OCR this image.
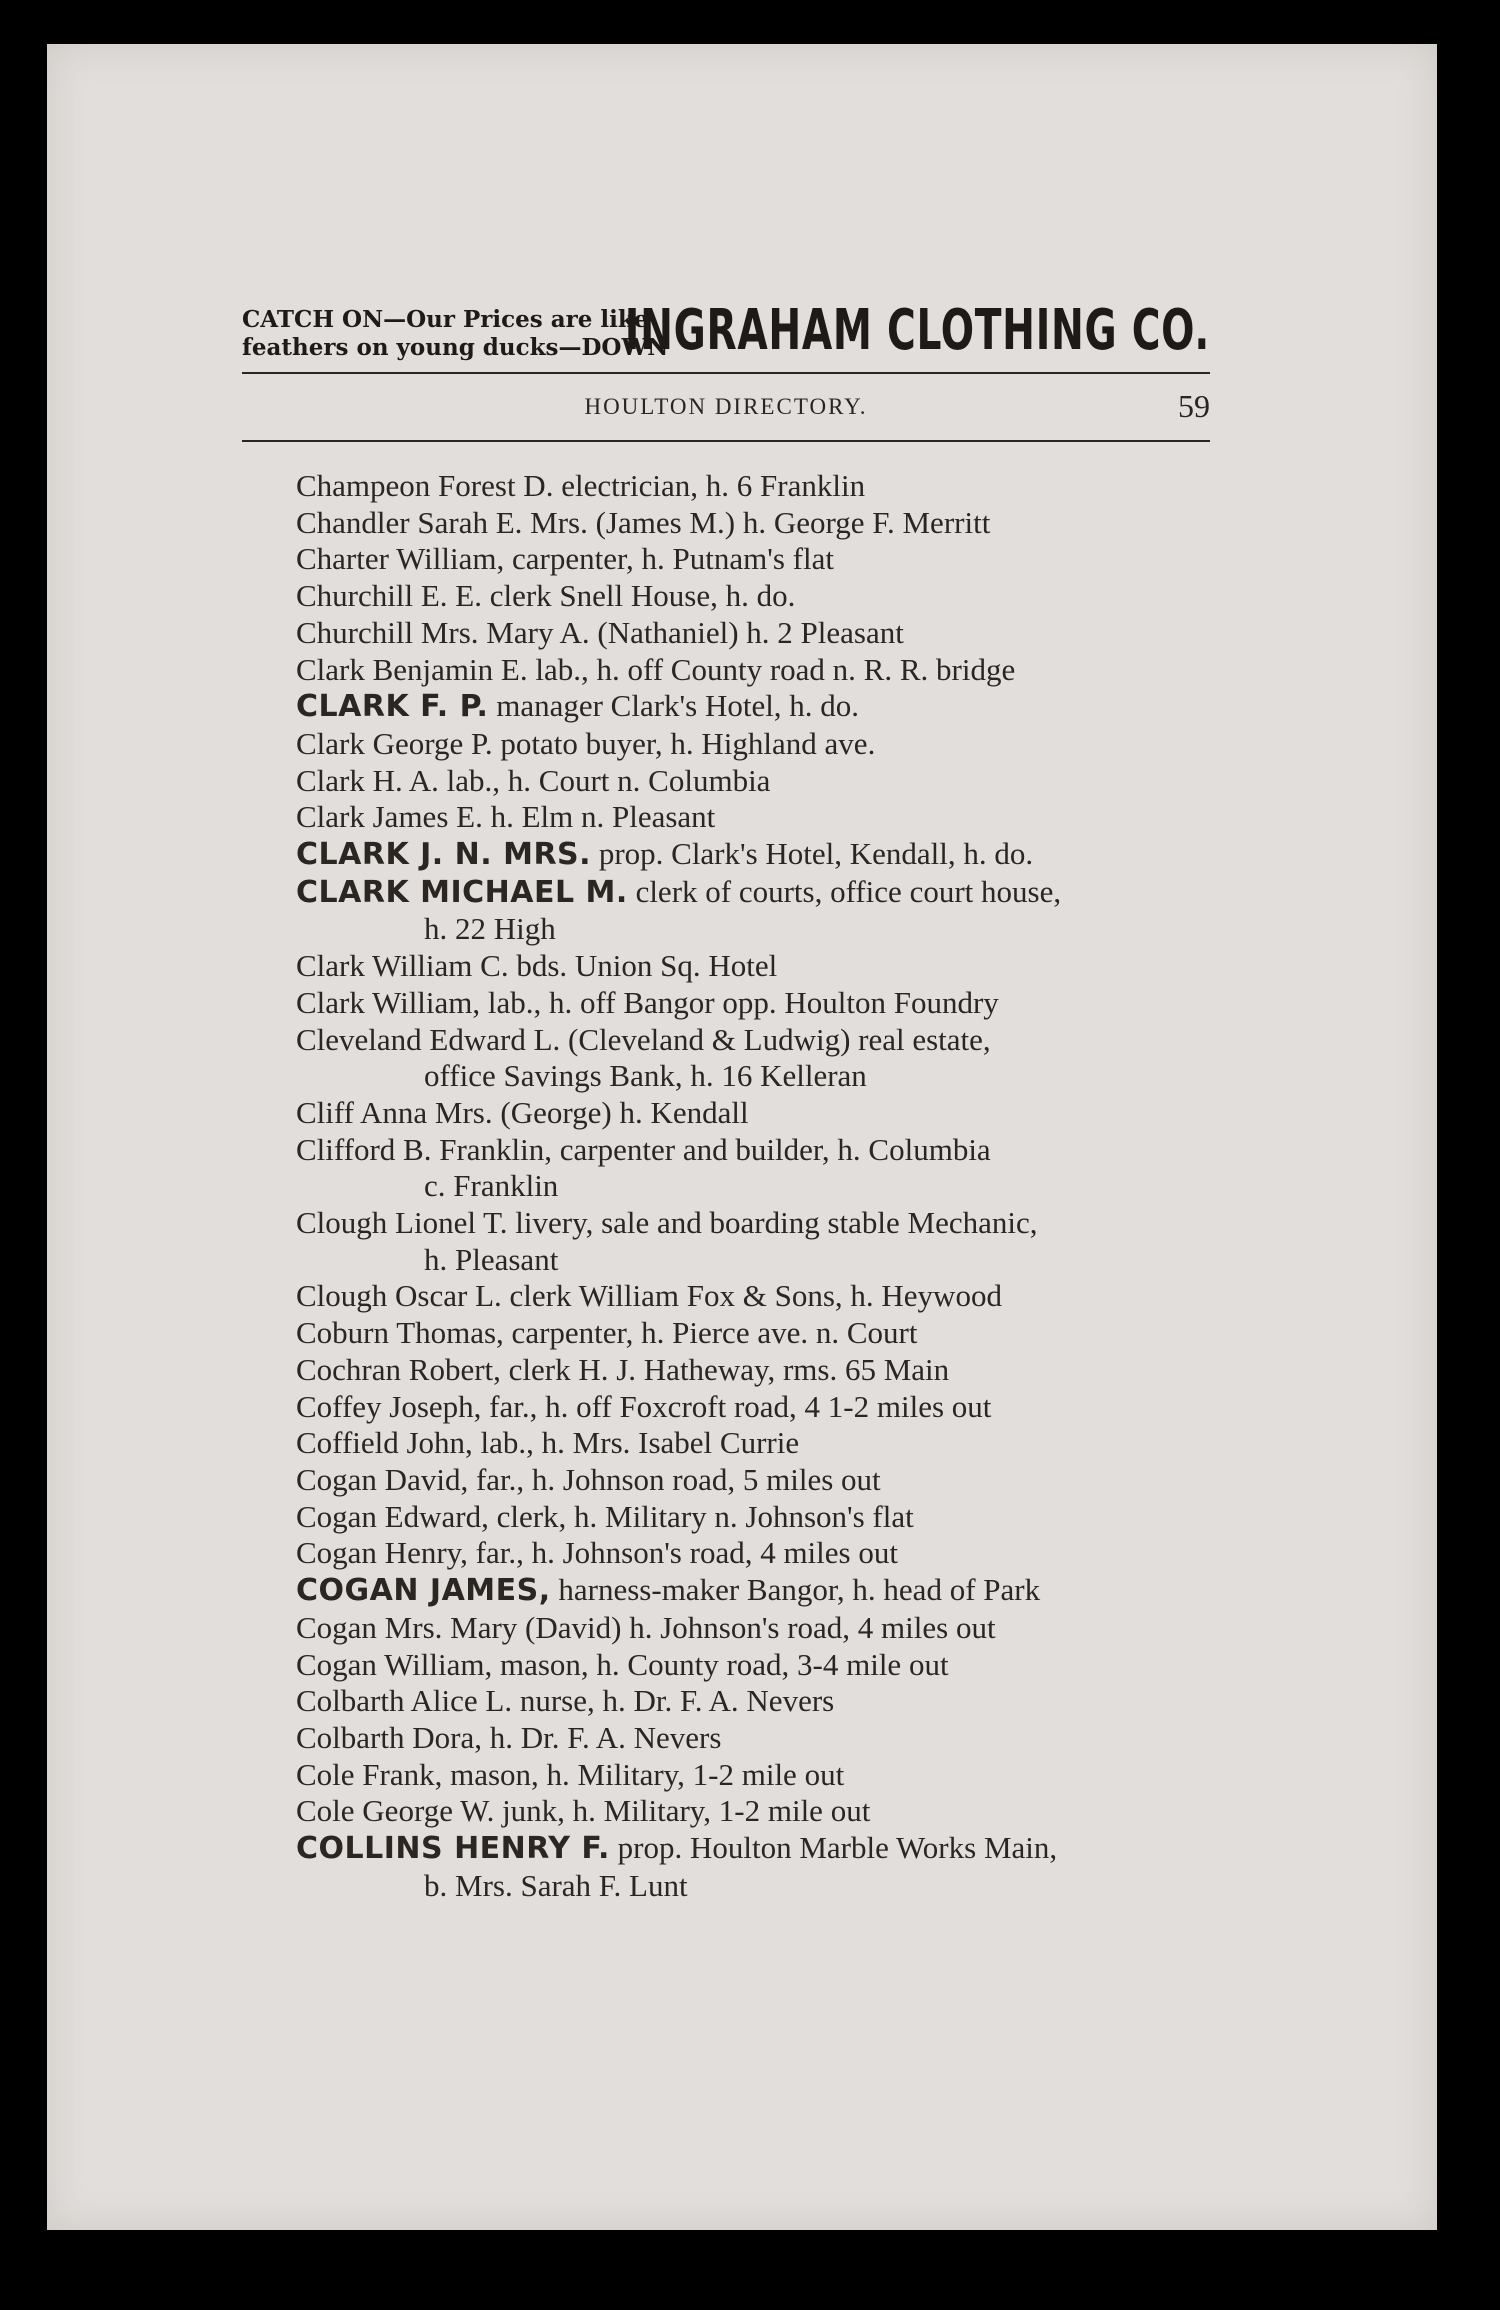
CATCH ON—Our Prices are like
feathers on young ducks—DOWN
INGRAHAM CLOTHING CO.
HOULTON DIRECTORY.	59
Champeon Forest D. electrician, h. 6 Franklin
Chandler Sarah E. Mrs. (James M.) h. George F. Merritt
Charter William, carpenter, h. Putnam's flat
Churchill E. E. clerk Snell House, h. do.
Churchill Mrs. Mary A. (Nathaniel) h. 2 Pleasant
Clark Benjamin E. lab., h. off County road n. R. R. bridge
CLARK F. P. manager Clark's Hotel, h. do.
Clark George P. potato buyer, h. Highland ave.
Clark H. A. lab., h. Court n. Columbia
Clark James E. h. Elm n. Pleasant
CLARK J. N. MRS. prop. Clark's Hotel, Kendall, h. do.
CLARK MICHAEL M. clerk of courts, office court house,
h. 22 High
Clark William C. bds. Union Sq. Hotel
Clark William, lab., h. off Bangor opp. Houlton Foundry
Cleveland Edward L. (Cleveland & Ludwig) real estate,
office Savings Bank, h. 16 Kelleran
Cliff Anna Mrs. (George) h. Kendall
Clifford B. Franklin, carpenter and builder, h. Columbia
c. Franklin
Clough Lionel T. livery, sale and boarding stable Mechanic,
h. Pleasant
Clough Oscar L. clerk William Fox & Sons, h. Heywood
Coburn Thomas, carpenter, h. Pierce ave. n. Court
Cochran Robert, clerk H. J. Hatheway, rms. 65 Main
Coffey Joseph, far., h. off Foxcroft road, 4 1-2 miles out
Coffield John, lab., h. Mrs. Isabel Currie
Cogan David, far., h. Johnson road, 5 miles out
Cogan Edward, clerk, h. Military n. Johnson's flat
Cogan Henry, far., h. Johnson's road, 4 miles out
COGAN JAMES, harness-maker Bangor, h. head of Park
Cogan Mrs. Mary (David) h. Johnson's road, 4 miles out
Cogan William, mason, h. County road, 3-4 mile out
Colbarth Alice L. nurse, h. Dr. F. A. Nevers
Colbarth Dora, h. Dr. F. A. Nevers
Cole Frank, mason, h. Military, 1-2 mile out
Cole George W. junk, h. Military, 1-2 mile out
COLLINS HENRY F. prop. Houlton Marble Works Main,
b. Mrs. Sarah F. Lunt
